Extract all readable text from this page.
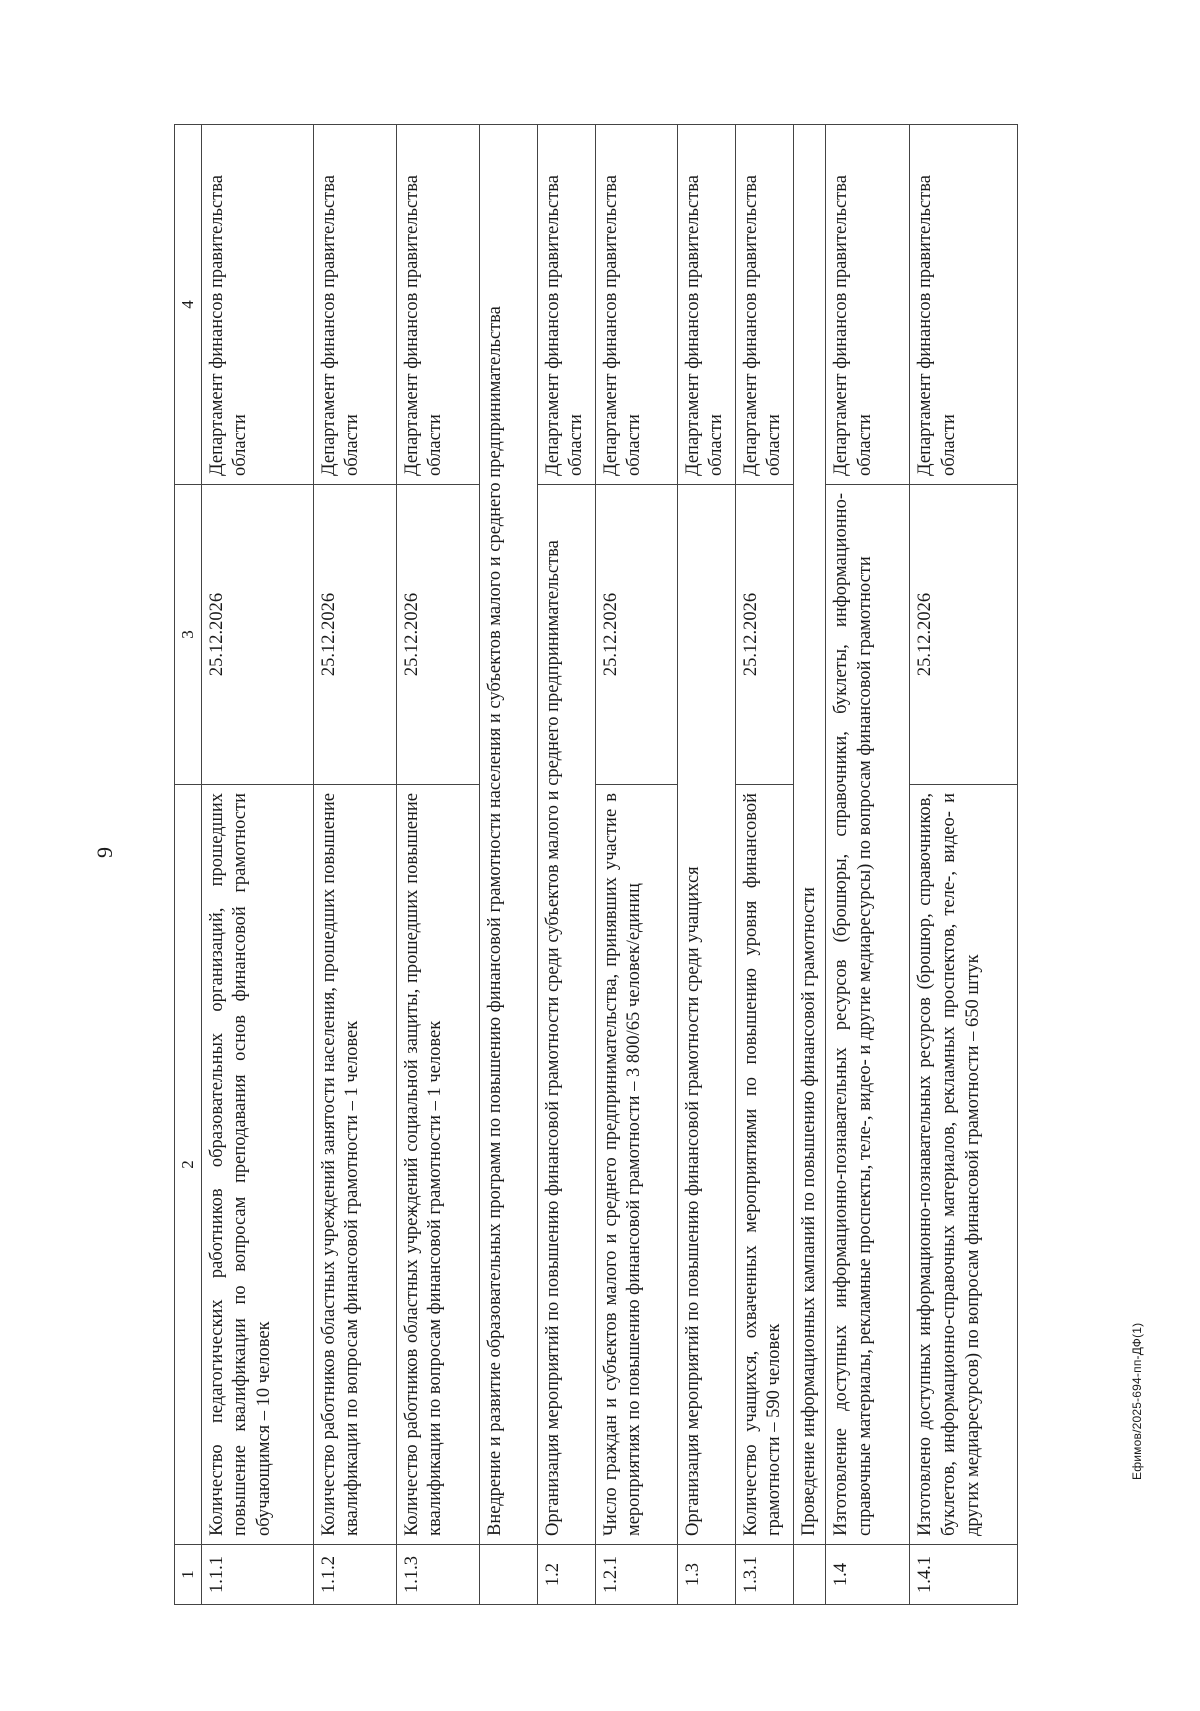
9
1	2	3	4
1.1.1	Количество педагогических работников образовательных организаций, прошедших повышение квалификации по вопросам преподавания основ финансовой грамотности обучающимся – 10 человек	25.12.2026	Департамент финансов правительства области
1.1.2	Количество работников областных учреждений занятости населения, прошедших повышение квалификации по вопросам финансовой грамотности – 1 человек	25.12.2026	Департамент финансов правительства области
1.1.3	Количество работников областных учреждений социальной защиты, прошедших повышение квалификации по вопросам финансовой грамотности – 1 человек	25.12.2026	Департамент финансов правительства области
	Внедрение и развитие образовательных программ по повышению финансовой грамотности населения и субъектов малого и среднего предпринимательства		
1.2	Организация мероприятий по повышению финансовой грамотности среди субъектов малого и среднего предпринимательства		Департамент финансов правительства области
1.2.1	Число граждан и субъектов малого и среднего предпринимательства, принявших участие в мероприятиях по повышению финансовой грамотности – 3 800/65 человек/единиц	25.12.2026	Департамент финансов правительства области
1.3	Организация мероприятий по повышению финансовой грамотности среди учащихся		Департамент финансов правительства области
1.3.1	Количество учащихся, охваченных мероприятиями по повышению уровня финансовой грамотности – 590 человек	25.12.2026	Департамент финансов правительства области
	Проведение информационных кампаний по повышению финансовой грамотности		
1.4	Изготовление доступных информационно-познавательных ресурсов (брошюры, справочники, буклеты, информационно-справочные материалы, рекламные проспекты, теле-, видео- и другие медиаресурсы) по вопросам финансовой грамотности		Департамент финансов правительства области
1.4.1	Изготовлено доступных информационно-познавательных ресурсов (брошюр, справочников, буклетов, информационно-справочных материалов, рекламных проспектов, теле-, видео- и других медиаресурсов) по вопросам финансовой грамотности – 650 штук	25.12.2026	Департамент финансов правительства области
Ефимов/2025-694-пп-ДФ(1)
